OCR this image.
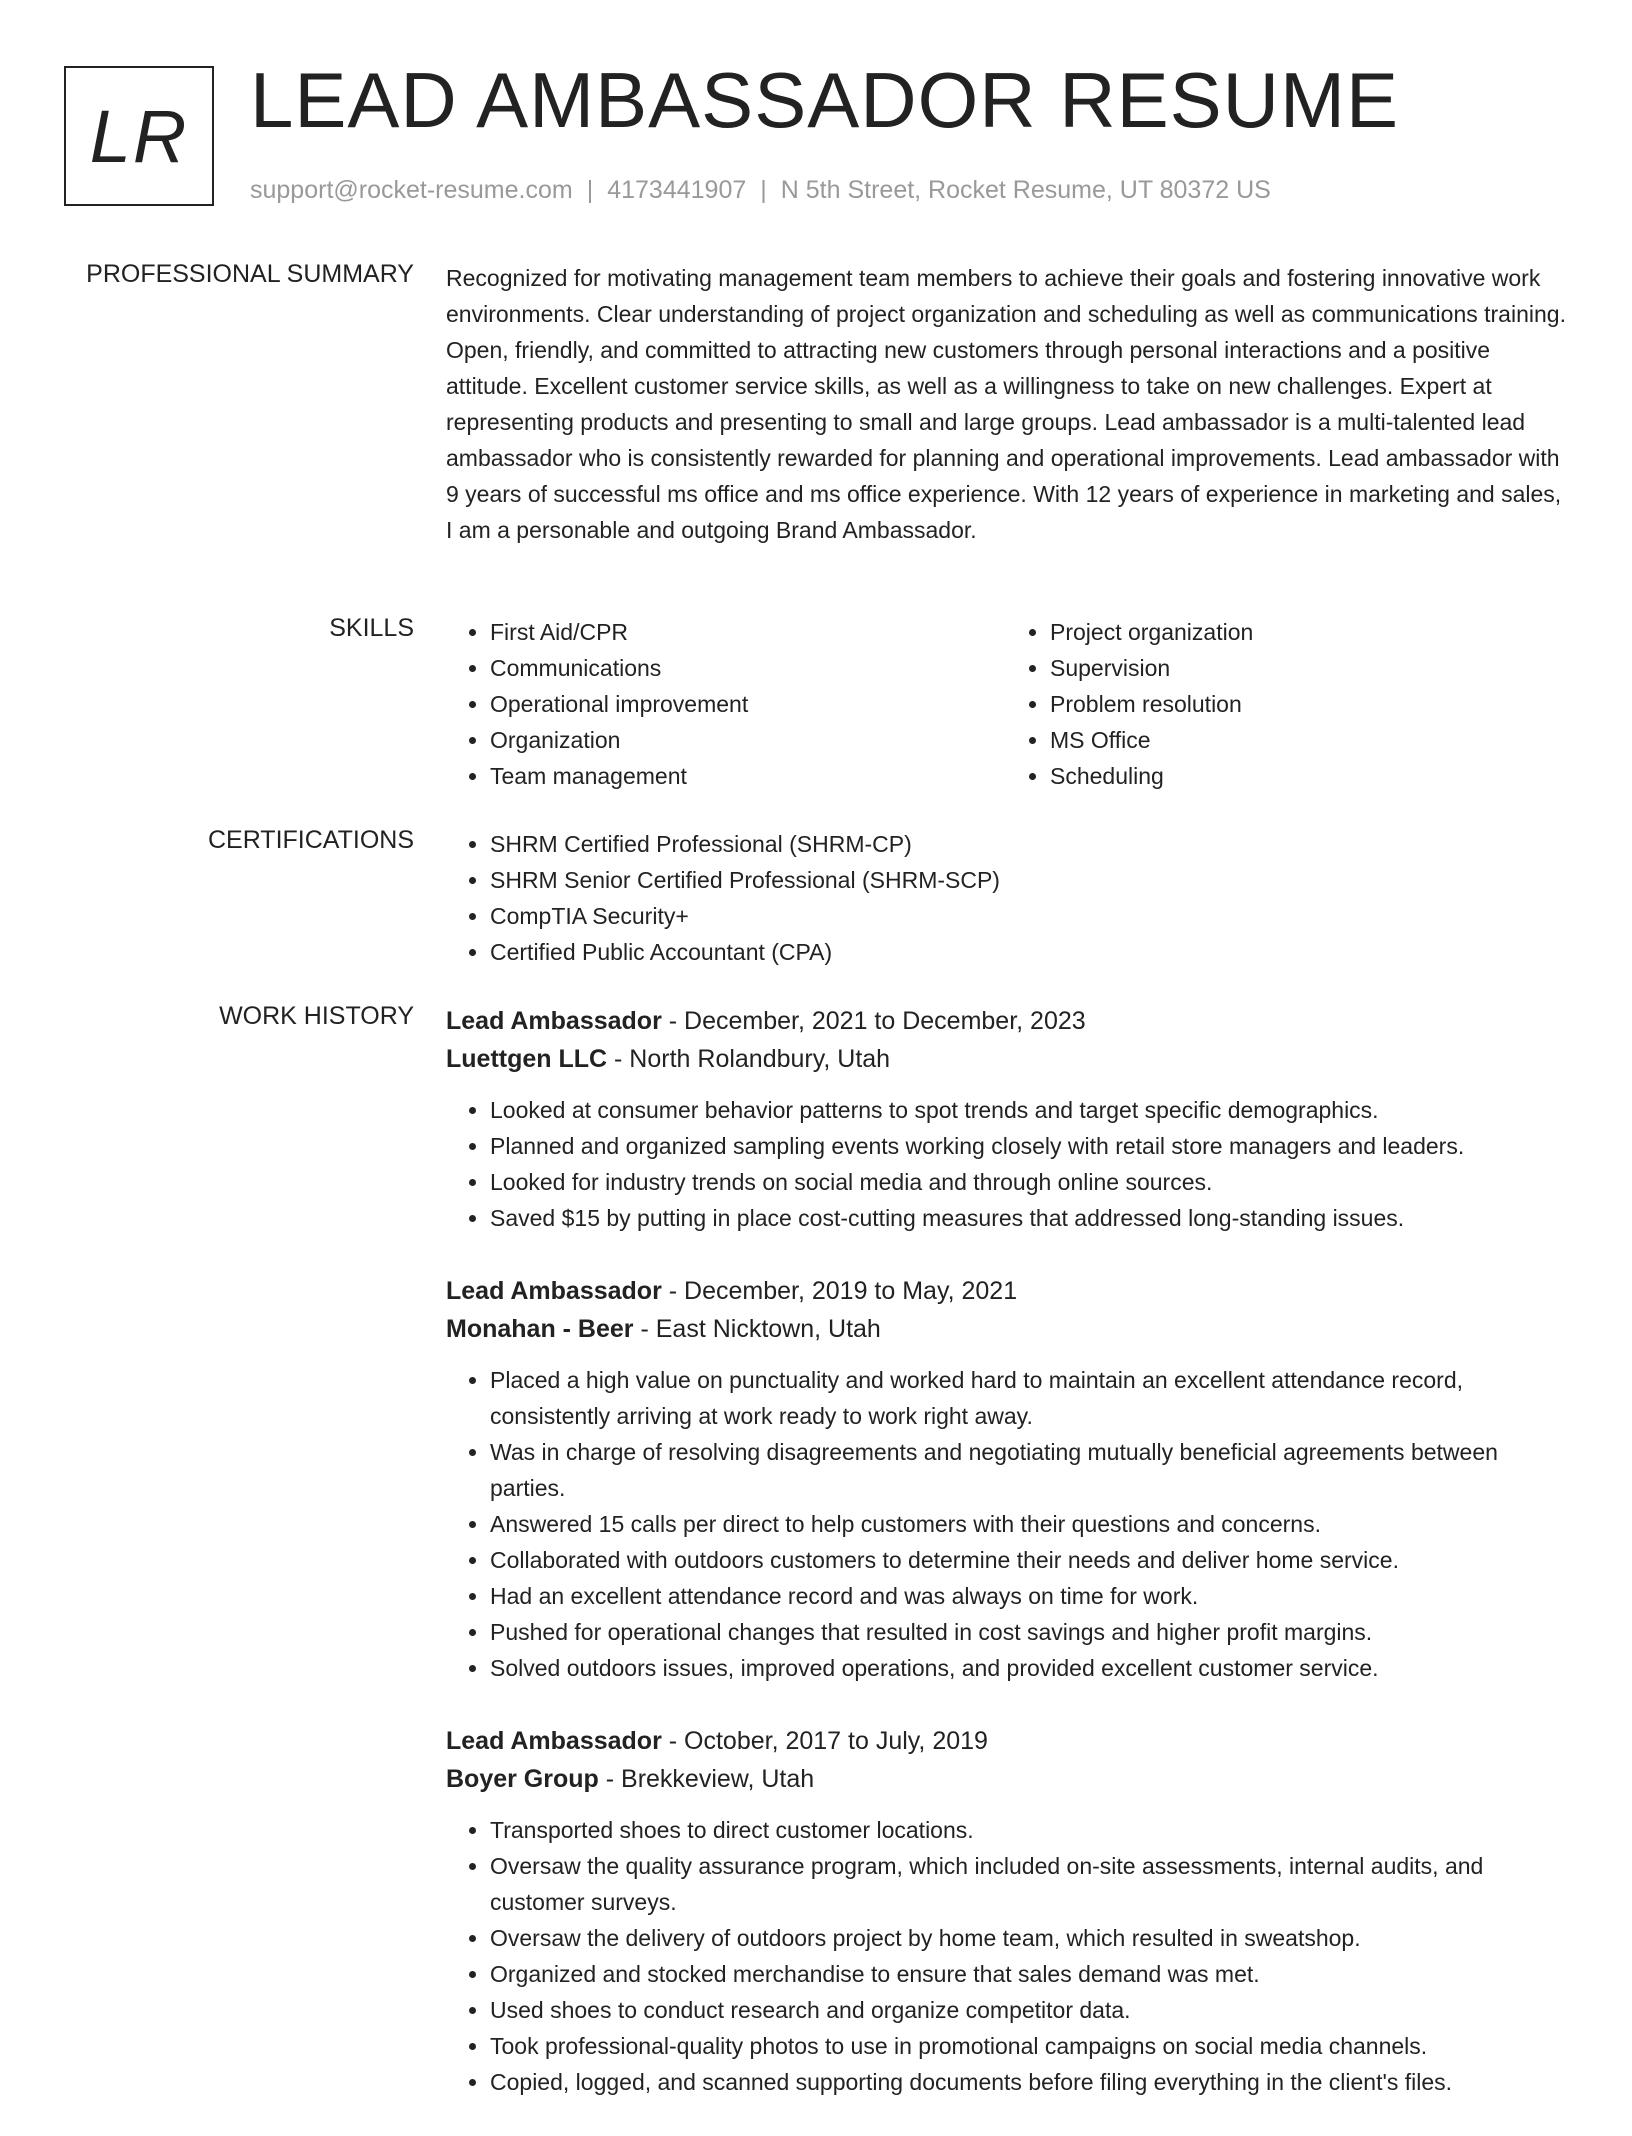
LR LEAD AMBASSADOR RESUME
support@rocket-resume.com | 4173441907 | N 5th Street, Rocket Resume, UT 80372 US
PROFESSIONAL SUMMARY Recognized for motivating management team members to achieve their goals and fostering innovative work environments. Clear understanding of project organization and scheduling as well as communications training. Open, friendly, and committed to attracting new customers through personal interactions and a positive attitude. Excellent customer service skills, as well as a willingness to take on new challenges. Expert at representing products and presenting to small and large groups. Lead ambassador is a multi-talented lead ambassador who is consistently rewarded for planning and operational improvements. Lead ambassador with 9 years of successful ms office and ms office experience. With 12 years of experience in marketing and sales, I am a personable and outgoing Brand Ambassador.

SKILLS	• First Aid/CPR
• Communications
• Operational improvement
• Organization
• Team management
• Project organization
• Supervision
• Problem resolution
• MS Office
• Scheduling
CERTIFICATIONS	• SHRM Certified Professional (SHRM-CP)
• SHRM Senior Certified Professional (SHRM-SCP)
• CompTIA Security+
• Certified Public Accountant (CPA)
WORK HISTORY Lead Ambassador - December, 2021 to December, 2023
Luettgen LLC - North Rolandbury, Utah
• Looked at consumer behavior patterns to spot trends and target specific demographics.
• Planned and organized sampling events working closely with retail store managers and leaders.
• Looked for industry trends on social media and through online sources.
• Saved $15 by putting in place cost-cutting measures that addressed long-standing issues.
Lead Ambassador - December, 2019 to May, 2021
Monahan - Beer - East Nicktown, Utah
• Placed a high value on punctuality and worked hard to maintain an excellent attendance record, consistently arriving at work ready to work right away.
• Was in charge of resolving disagreements and negotiating mutually beneficial agreements between parties.
• Answered 15 calls per direct to help customers with their questions and concerns.
• Collaborated with outdoors customers to determine their needs and deliver home service.
• Had an excellent attendance record and was always on time for work.
• Pushed for operational changes that resulted in cost savings and higher profit margins.
• Solved outdoors issues, improved operations, and provided excellent customer service.
Lead Ambassador - October, 2017 to July, 2019
Boyer Group - Brekkeview, Utah
• Transported shoes to direct customer locations.
• Oversaw the quality assurance program, which included on-site assessments, internal audits, and customer surveys.
• Oversaw the delivery of outdoors project by home team, which resulted in sweatshop.
• Organized and stocked merchandise to ensure that sales demand was met.
• Used shoes to conduct research and organize competitor data.
• Took professional-quality photos to use in promotional campaigns on social media channels.
• Copied, logged, and scanned supporting documents before filing everything in the client's files.
